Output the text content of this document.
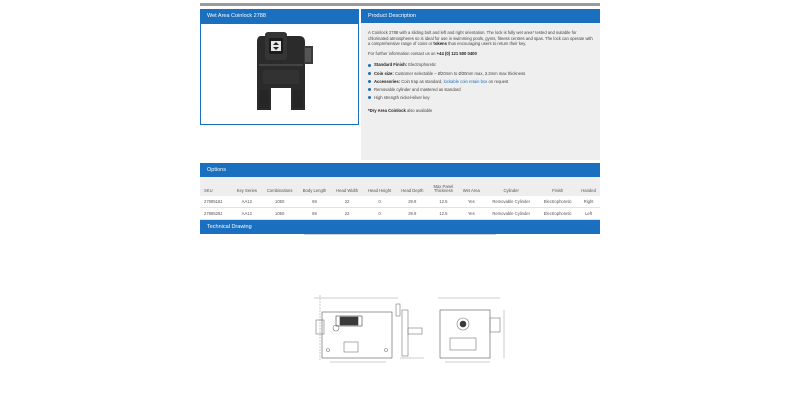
Wet Area Coinlock 2788	Product Description

A Coinlock 2788 with a sliding bolt and left and right orientation. The lock is fully wet area* tested and suitable for chlorinated atmospheres so is ideal for use in swimming pools, gyms, fitness centres and spas. The lock can operate with a comprehensive range of coins or tokens thus encouraging users to return their key.

For further information contact us on +44 (0) 121 500 0400

Standard Finish: Electrophoretic
Coin size: Customer selectable – Ø20mm to Ø30mm max, 3.3mm max thickness
Accessories: Coin trap as standard, lockable coin retain box on request
Removable cylinder and mastered as standard
High strength nickel-silver key

*Dry Area Coinlock also available

Options
SKU	Key Series	Combinations	Body Length	Head Width	Head Height	Head Depth	Max Panel Thickness	Wet Area	Cylinder	Finish	Handed
2788518J	AA12	1050	69	22	0	29.9	12.5	Yes	Removable Cylinder	Electrophoretic	Right
2788528J	AA12	1050	69	22	0	29.9	12.5	Yes	Removable Cylinder	Electrophoretic	Left
Technical Drawing
